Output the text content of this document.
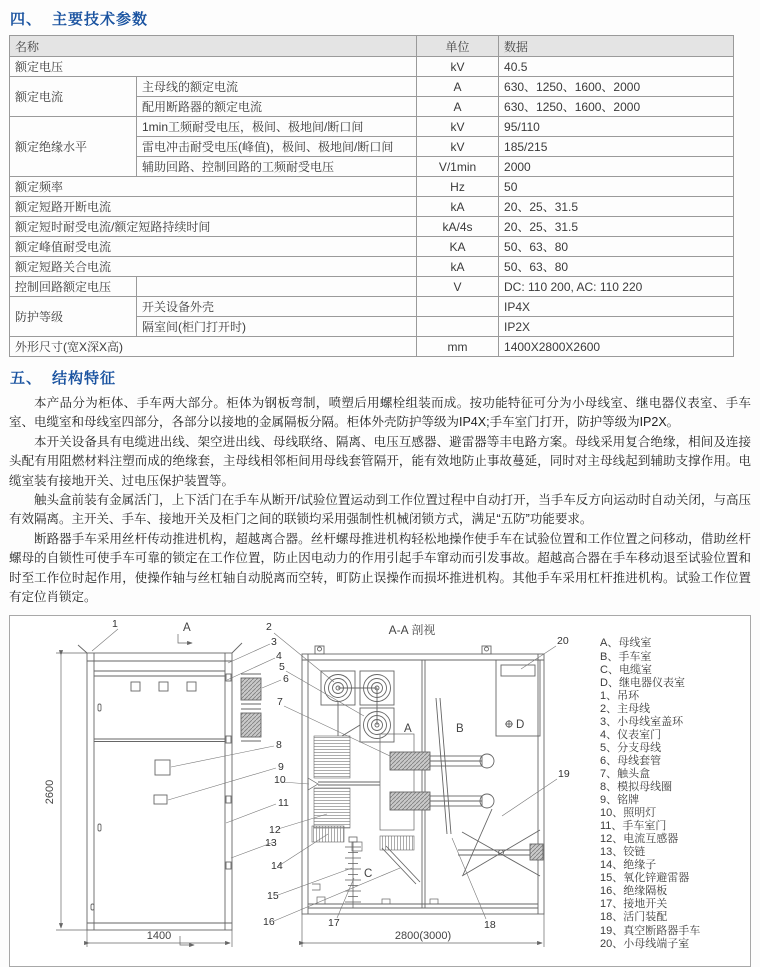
四、 主要技术参数
名称		单位	数据
额定电压		kV	40.5
额定电流	主母线的额定电流	A	630、1250、1600、2000
	配用断路器的额定电流	A	630、1250、1600、2000
额定绝缘水平	1min工频耐受电压，极间、极地间/断口间	kV	95/110
	雷电冲击耐受电压(峰值)，极间、极地间/断口间	kV	185/215
	辅助回路、控制回路的工频耐受电压	V/1min	2000
额定频率		Hz	50
额定短路开断电流		kA	20、25、31.5
额定短时耐受电流/额定短路持续时间		kA/4s	20、25、31.5
额定峰值耐受电流		KA	50、63、80
额定短路关合电流		kA	50、63、80
控制回路额定电压		V	DC: 110 200, AC: 110 220
防护等级	开关设备外壳		IP4X
	隔室间(柜门打开时)		IP2X
外形尺寸(宽X深X高)		mm	1400X2800X2600
五、 结构特征

本产品分为柜体、手车两大部分。柜体为钢板弯制，喷塑后用螺栓组装而成。按功能特征可分为小母线室、继电器仪表室、手车室、电缆室和母线室四部分，各部分以接地的金属隔板分隔。柜体外壳防护等级为IP4X;手车室门打开，防护等级为IP2X。

本开关设备具有电缆进出线、架空进出线、母线联络、隔离、电压互感器、避雷器等丰电路方案。母线采用复合绝缘，相间及连接头配有用阻燃材料注塑而成的绝缘套，主母线相邻柜间用母线套管隔开，能有效地防止事故蔓延，同时对主母线起到辅助支撑作用。电缆室装有接地开关、过电压保护装置等。

触头盒前装有金属活门，上下活门在手车从断开/试验位置运动到工作位置过程中自动打开，当手车反方向运动时自动关闭，与高压有效隔离。主开关、手车、接地开关及柜门之间的联锁均采用强制性机械闭锁方式，满足“五防”功能要求。

断路器手车采用丝杆传动推进机构，超越离合器。丝杆螺母推进机构轻松地操作使手车在试验位置和工作位置之问移动，借助丝杆螺母的自锁性可使手车可靠的锁定在工作位置，防止因电动力的作用引起手车窜动而引发事故。超越高合器在手车移动退至试验位置和时至工作位时起作用，使操作轴与丝杠轴自动脱离而空转，町防止误操作而损坏推进机构。其他手车采用杠杆推进机构。试验工作位置有定位肖锁定。

2600
1400
A	A-A 剖视
A	B
C
D
2800(3000)
1	2
3
4
5
6
7
8
9
10
11
12
13
14
15
16	17	18
19
20	A、母线室
B、手车室
C、电缆室
D、继电器仪表室
1、吊环
2、主母线
3、小母线室盖环
4、仪表室门
5、分支母线
6、母线套管
7、触头盒
8、模拟母线圈
9、铭牌
10、照明灯
11、手车室门
12、电流互感器
13、铰链
14、绝缘子
15、氧化锌避雷器
16、绝缘隔板
17、接地开关
18、活门装配
19、真空断路器手车
20、小母线端子室
